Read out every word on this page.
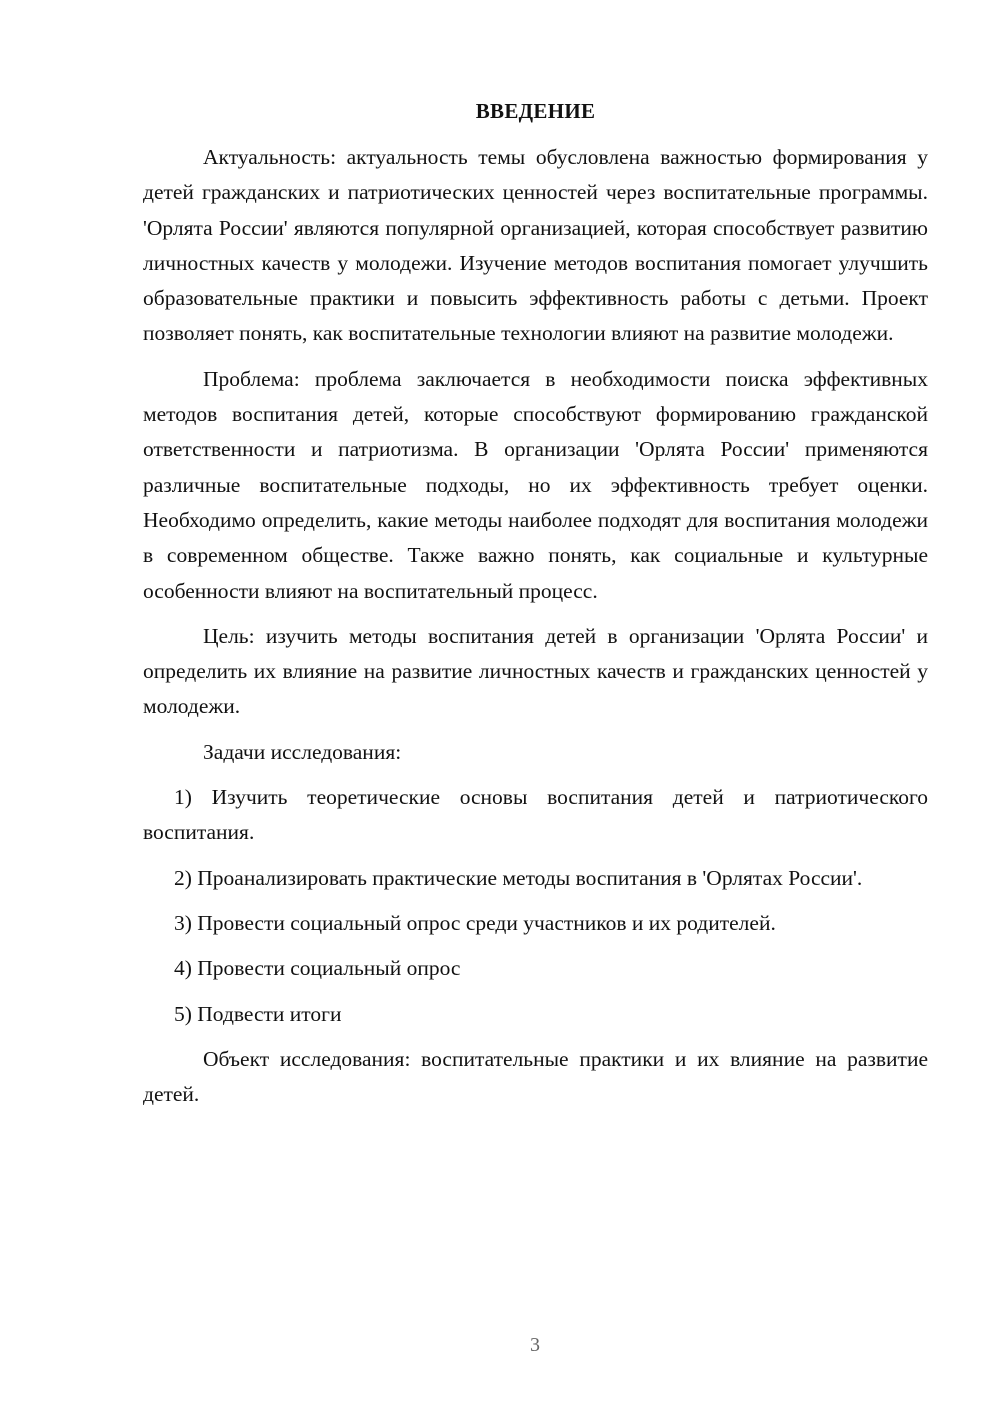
ВВЕДЕНИЕ

Актуальность: актуальность темы обусловлена важностью формирования у детей гражданских и патриотических ценностей через воспитательные программы. 'Орлята России' являются популярной организацией, которая способствует развитию личностных качеств у молодежи. Изучение методов воспитания помогает улучшить образовательные практики и повысить эффективность работы с детьми. Проект позволяет понять, как воспитательные технологии влияют на развитие молодежи.

Проблема: проблема заключается в необходимости поиска эффективных методов воспитания детей, которые способствуют формированию гражданской ответственности и патриотизма. В организации 'Орлята России' применяются различные воспитательные подходы, но их эффективность требует оценки. Необходимо определить, какие методы наиболее подходят для воспитания молодежи в современном обществе. Также важно понять, как социальные и культурные особенности влияют на воспитательный процесс.

Цель: изучить методы воспитания детей в организации 'Орлята России' и определить их влияние на развитие личностных качеств и гражданских ценностей у молодежи.

Задачи исследования:

1) Изучить теоретические основы воспитания детей и патриотического воспитания.

2) Проанализировать практические методы воспитания в 'Орлятах России'.

3) Провести социальный опрос среди участников и их родителей.

4) Провести социальный опрос

5) Подвести итоги

Объект исследования: воспитательные практики и их влияние на развитие детей.

3
